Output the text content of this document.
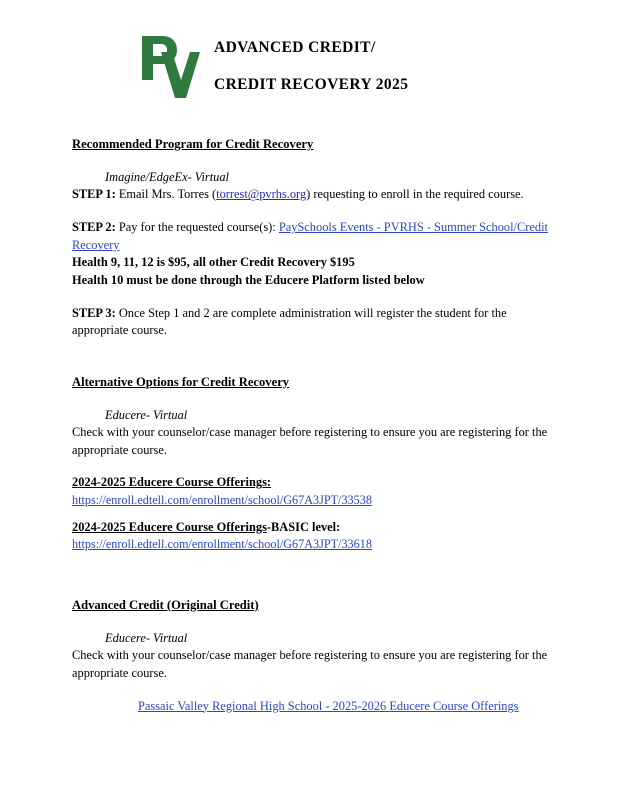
ADVANCED CREDIT/
CREDIT RECOVERY 2025
Recommended Program for Credit Recovery
Imagine/EdgeEx- Virtual

STEP 1: Email Mrs. Torres (torrest@pvrhs.org) requesting to enroll in the required course.

STEP 2: Pay for the requested course(s): PaySchools Events - PVRHS - Summer School/Credit Recovery

Health 9, 11, 12 is $95, all other Credit Recovery $195

Health 10 must be done through the Educere Platform listed below

STEP 3: Once Step 1 and 2 are complete administration will register the student for the appropriate course.

Alternative Options for Credit Recovery
Educere- Virtual

Check with your counselor/case manager before registering to ensure you are registering for the appropriate course.

2024-2025 Educere Course Offerings:

https://enroll.edtell.com/enrollment/school/G67A3JPT/33538

2024-2025 Educere Course Offerings-BASIC level:

https://enroll.edtell.com/enrollment/school/G67A3JPT/33618

Advanced Credit (Original Credit)
Educere- Virtual

Check with your counselor/case manager before registering to ensure you are registering for the appropriate course.

Passaic Valley Regional High School - 2025-2026 Educere Course Offerings
